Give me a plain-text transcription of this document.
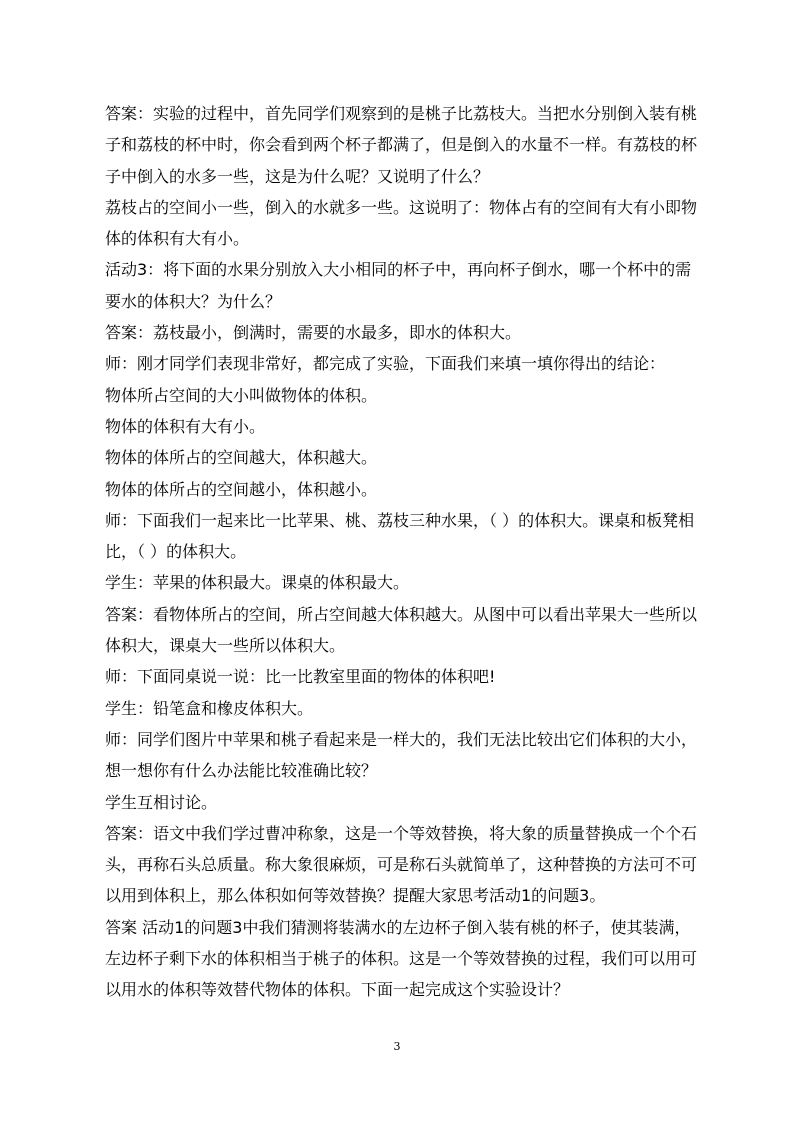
答案：实验的过程中，首先同学们观察到的是桃子比荔枝大。当把水分别倒入装有桃子和荔枝的杯中时，你会看到两个杯子都满了，但是倒入的水量不一样。有荔枝的杯子中倒入的水多一些，这是为什么呢？又说明了什么？

荔枝占的空间小一些，倒入的水就多一些。这说明了：物体占有的空间有大有小即物体的体积有大有小。

活动3：将下面的水果分别放入大小相同的杯子中，再向杯子倒水，哪一个杯中的需要水的体积大？为什么？

答案：荔枝最小，倒满时，需要的水最多，即水的体积大。

师：刚才同学们表现非常好，都完成了实验，下面我们来填一填你得出的结论：

物体所占空间的大小叫做物体的体积。

物体的体积有大有小。

物体的体所占的空间越大，体积越大。

物体的体所占的空间越小，体积越小。

师：下面我们一起来比一比苹果、桃、荔枝三种水果，（ ）的体积大。课桌和板凳相比，（ ）的体积大。

学生：苹果的体积最大。课桌的体积最大。

答案：看物体所占的空间，所占空间越大体积越大。从图中可以看出苹果大一些所以体积大，课桌大一些所以体积大。

师：下面同桌说一说：比一比教室里面的物体的体积吧!

学生：铅笔盒和橡皮体积大。

师：同学们图片中苹果和桃子看起来是一样大的，我们无法比较出它们体积的大小，想一想你有什么办法能比较准确比较？

学生互相讨论。

答案：语文中我们学过曹冲称象，这是一个等效替换，将大象的质量替换成一个个石头，再称石头总质量。称大象很麻烦，可是称石头就简单了，这种替换的方法可不可以用到体积上，那么体积如何等效替换？提醒大家思考活动1的问题3。

答案 活动1的问题3中我们猜测将装满水的左边杯子倒入装有桃的杯子，使其装满，左边杯子剩下水的体积相当于桃子的体积。这是一个等效替换的过程，我们可以用可以用水的体积等效替代物体的体积。下面一起完成这个实验设计？

3
